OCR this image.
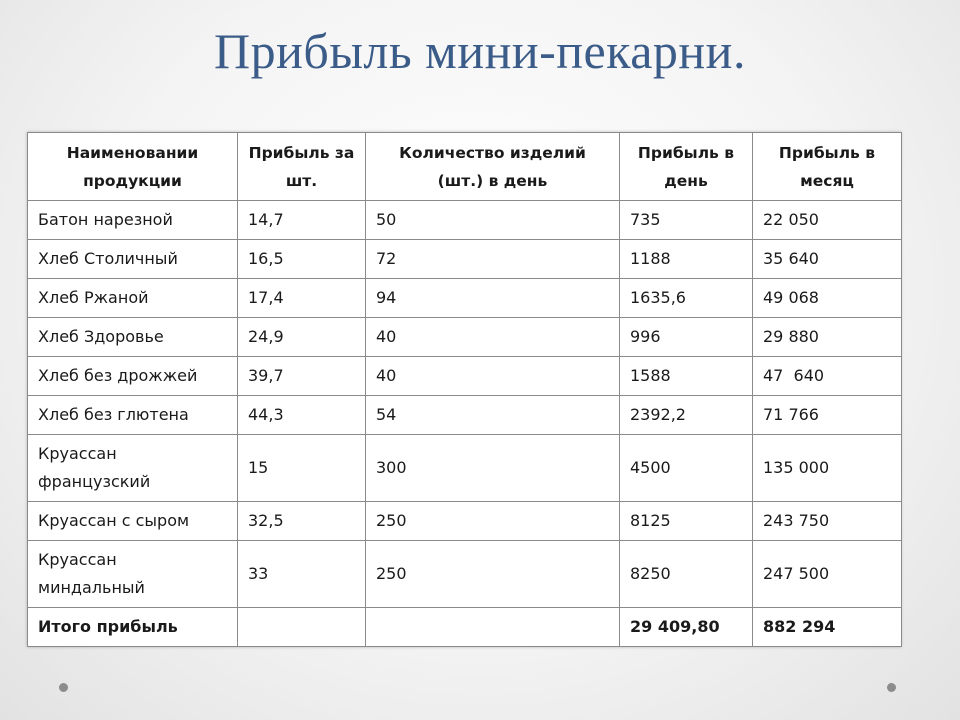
Прибыль мини-пекарни.
Наименовании продукции	Прибыль за шт.	Количество изделий (шт.) в день	Прибыль в день	Прибыль в месяц
Батон нарезной	14,7	50	735	22 050
Хлеб Столичный	16,5	72	1188	35 640
Хлеб Ржаной	17,4	94	1635,6	49 068
Хлеб Здоровье	24,9	40	996	29 880
Хлеб без дрожжей	39,7	40	1588	47  640
Хлеб без глютена	44,3	54	2392,2	71 766
Круассан французский	15	300	4500	135 000
Круассан с сыром	32,5	250	8125	243 750
Круассан миндальный	33	250	8250	247 500
Итого прибыль			29 409,80	882 294
